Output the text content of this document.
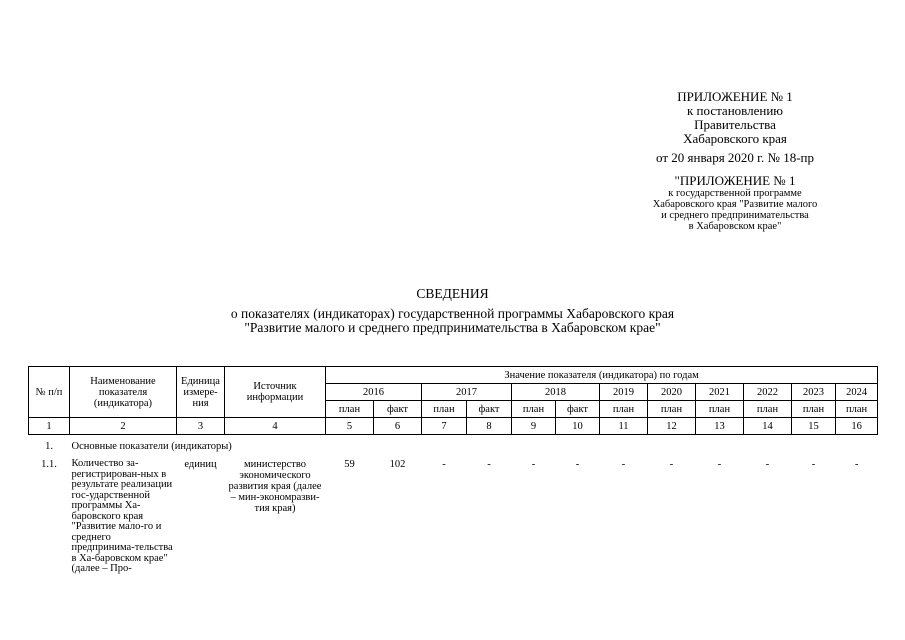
ПРИЛОЖЕНИЕ № 1
к постановлению
Правительства
Хабаровского края
от 20 января 2020 г. № 18-пр
"ПРИЛОЖЕНИЕ № 1
к государственной программе
Хабаровского края "Развитие малого
и среднего предпринимательства
в Хабаровском крае"
СВЕДЕНИЯ
о показателях (индикаторах) государственной программы Хабаровского края
"Развитие малого и среднего предпринимательства в Хабаровском крае"
№ п/п	Наименование показателя (индикатора)	Единица измере-ния	Источник информации	Значение показателя (индикатора) по годам											
				2016		2017		2018		2019	2020	2021	2022	2023	2024
				план	факт	план	факт	план	факт	план	план	план	план	план	план
1	2	3	4	5	6	7	8	9	10	11	12	13	14	15	16
1.	Основные показатели (индикаторы)														
1.1.	Количество за-регистрирован-ных в результате реализации гос-ударственной программы Ха-баровского края "Развитие мало-го и среднего предпринима-тельства в Ха-баровском крае" (далее – Про-	единиц	министерство экономического развития края (далее – мин-экономразви-тия края)	59	102	-	-	-	-	-	-	-	-	-	-
